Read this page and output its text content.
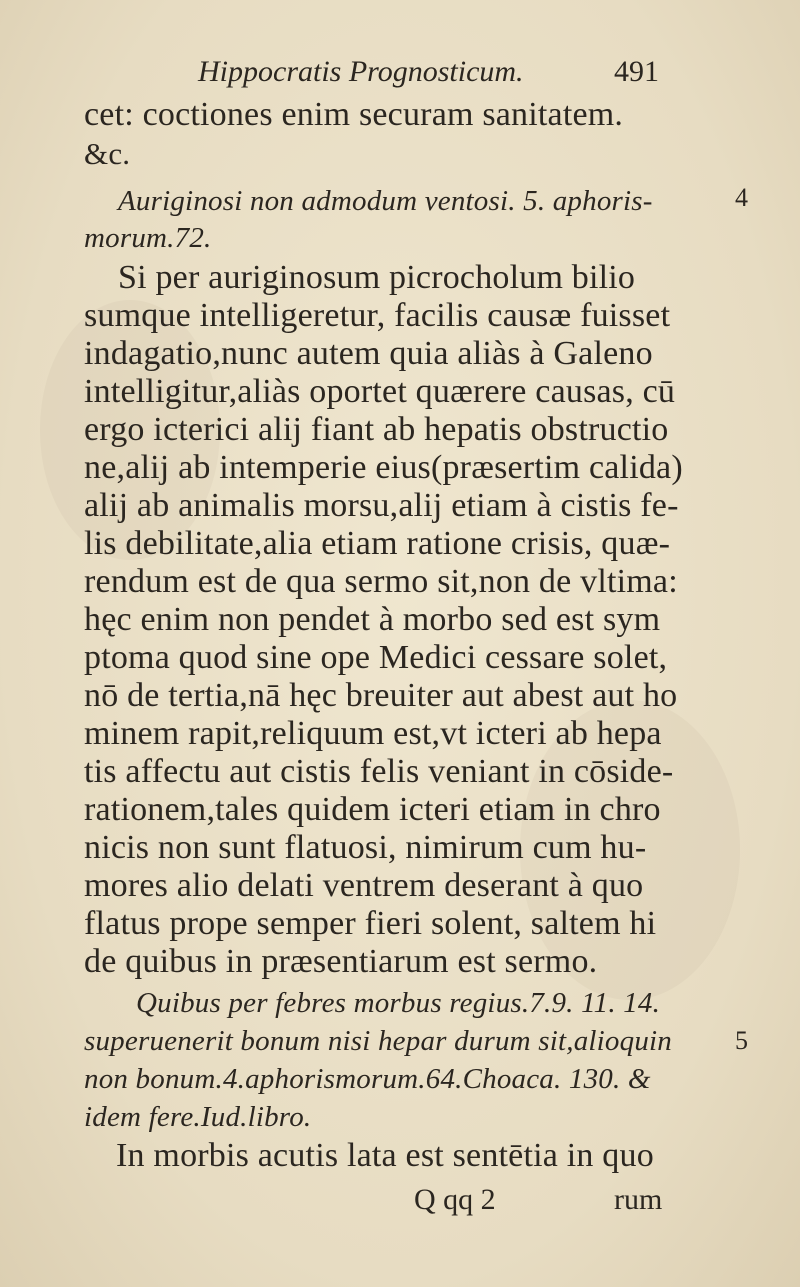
Hippocratis Prognosticum.	491
cet: coctiones enim securam sanitatem.
&c.
Auriginosi non admodum ventosi. 5. aphoris-
morum.72.
Si per auriginosum picrocholum bilio
sumque intelligeretur, facilis causæ fuisset
indagatio,nunc autem quia aliàs à Galeno
intelligitur,aliàs oportet quærere causas, cū
ergo icterici alij fiant ab hepatis obstructio
ne,alij ab intemperie eius(præsertim calida)
alij ab animalis morsu,alij etiam à cistis fe-
lis debilitate,alia etiam ratione crisis, quæ-
rendum est de qua sermo sit,non de vltima:
hęc enim non pendet à morbo sed est sym
ptoma quod sine ope Medici cessare solet,
nō de tertia,nā hęc breuiter aut abest aut ho
minem rapit,reliquum est,vt icteri ab hepa
tis affectu aut cistis felis veniant in cōside-
rationem,tales quidem icteri etiam in chro
nicis non sunt flatuosi, nimirum cum hu-
mores alio delati ventrem deserant à quo
flatus prope semper fieri solent, saltem hi
de quibus in præsentiarum est sermo.
Quibus per febres morbus regius.7.9. 11. 14.
superuenerit bonum nisi hepar durum sit,alioquin
non bonum.4.aphorismorum.64.Choaca. 130. &
idem fere.Iud.libro.
In morbis acutis lata est sentētia in quo
Q qq 2	rum
4
5
